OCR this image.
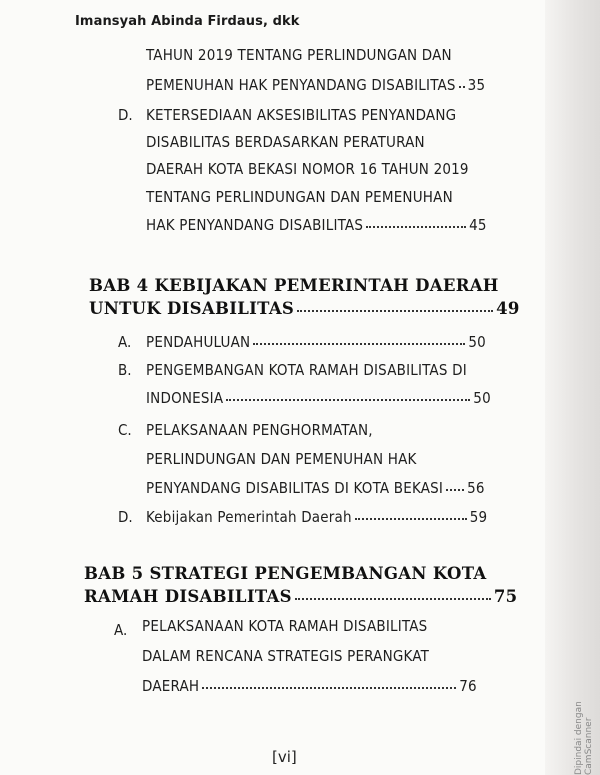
Imansyah Abinda Firdaus, dkk
TAHUN 2019 TENTANG PERLINDUNGAN DAN
PEMENUHAN HAK PENYANDANG DISABILITAS 35
D. KETERSEDIAAN AKSESIBILITAS PENYANDANG
DISABILITAS BERDASARKAN PERATURAN
DAERAH KOTA BEKASI NOMOR 16 TAHUN 2019
TENTANG PERLINDUNGAN DAN PEMENUHAN
HAK PENYANDANG DISABILITAS	45
BAB 4 KEBIJAKAN PEMERINTAH DAERAH
UNTUK DISABILITAS	49
A. PENDAHULUAN	50
B. PENGEMBANGAN KOTA RAMAH DISABILITAS DI
INDONESIA	50
C. PELAKSANAAN PENGHORMATAN,
PERLINDUNGAN DAN PEMENUHAN HAK
PENYANDANG DISABILITAS DI KOTA BEKASI 56
D. Kebijakan Pemerintah Daerah	59
BAB 5 STRATEGI PENGEMBANGAN KOTA
RAMAH DISABILITAS	75
A. PELAKSANAAN KOTA RAMAH DISABILITAS
DALAM RENCANA STRATEGIS PERANGKAT
DAERAH	76
[vi]	Dipindai dengan CamScanner
